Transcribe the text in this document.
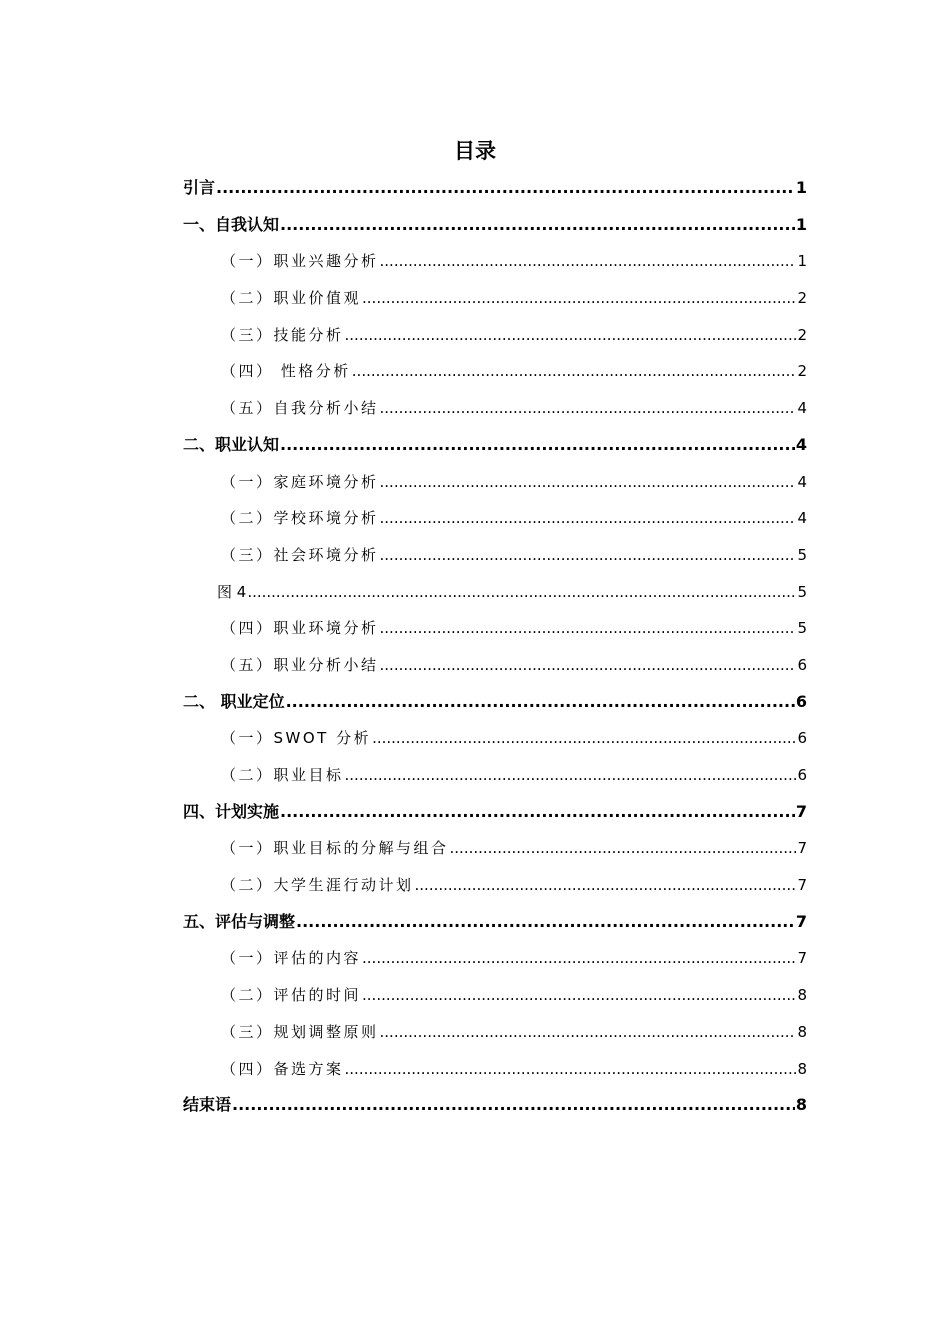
目录
引言 .....	1
一、自我认知 .....	1
（一）职业兴趣分析 .....	1
（二）职业价值观 .....	2
（三）技能分析 .....	2
（四） 性格分析 .....	2
（五）自我分析小结 .....	4
二、职业认知 .....	4
（一）家庭环境分析 .....	4
（二）学校环境分析 .....	4
（三）社会环境分析 .....	5
图 4 .....	5
（四）职业环境分析 .....	5
（五）职业分析小结 .....	6
二、 职业定位 .....	6
（一）SWOT 分析 .....	6
（二）职业目标 .....	6
四、计划实施 .....	7
（一）职业目标的分解与组合 .....	7
（二）大学生涯行动计划 .....	7
五、评估与调整 .....	7
（一）评估的内容 .....	7
（二）评估的时间 .....	8
（三）规划调整原则 .....	8
（四）备选方案 .....	8
结束语 .....	8
